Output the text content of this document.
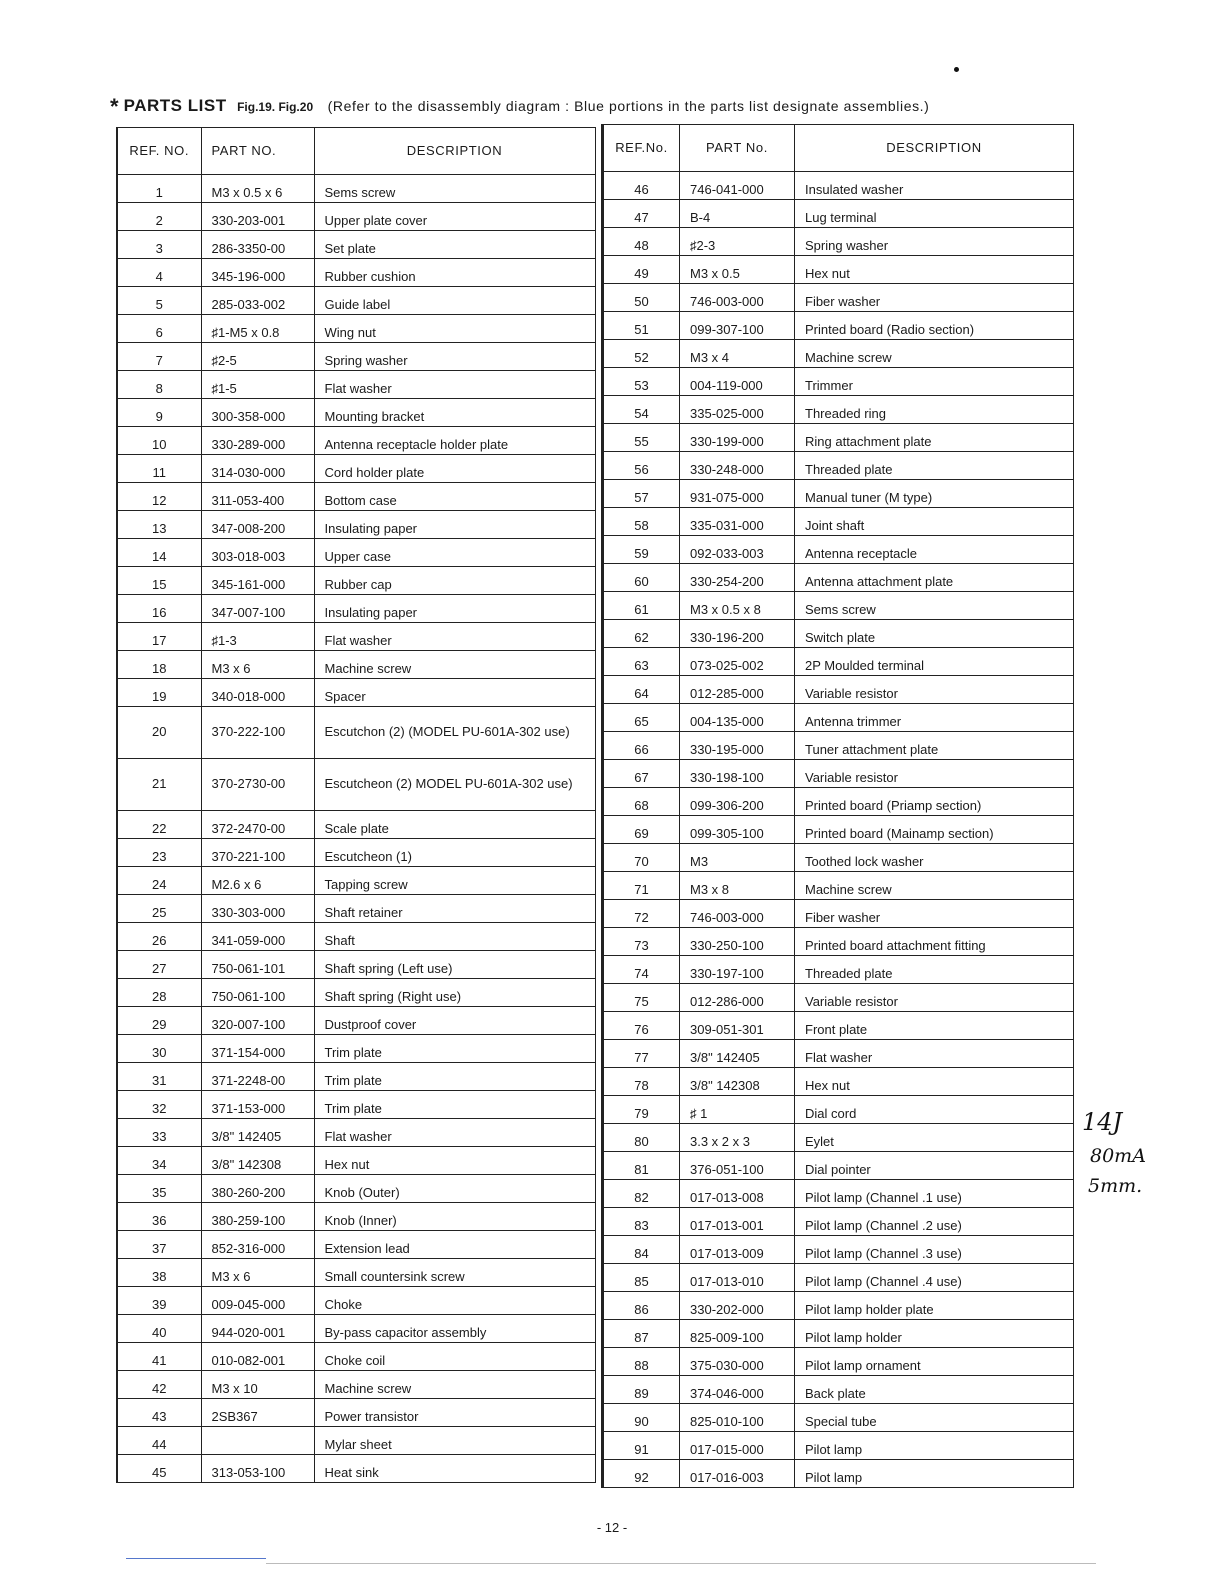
* PARTS LIST Fig.19. Fig.20 (Refer to the disassembly diagram : Blue portions in the parts list designate assemblies.)
REF. NO.	PART NO.	DESCRIPTION
1	M3 x 0.5 x 6	Sems screw
2	330-203-001	Upper plate cover
3	286-3350-00	Set plate
4	345-196-000	Rubber cushion
5	285-033-002	Guide label
6	♯1-M5 x 0.8	Wing nut
7	♯2-5	Spring washer
8	♯1-5	Flat washer
9	300-358-000	Mounting bracket
10	330-289-000	Antenna receptacle holder plate
11	314-030-000	Cord holder plate
12	311-053-400	Bottom case
13	347-008-200	Insulating paper
14	303-018-003	Upper case
15	345-161-000	Rubber cap
16	347-007-100	Insulating paper
17	♯1-3	Flat washer
18	M3 x 6	Machine screw
19	340-018-000	Spacer
20	370-222-100	Escutchon (2) (MODEL PU-601A-302 use)
21	370-2730-00	Escutcheon (2) MODEL PU-601A-302 use)
22	372-2470-00	Scale plate
23	370-221-100	Escutcheon (1)
24	M2.6 x 6	Tapping screw
25	330-303-000	Shaft retainer
26	341-059-000	Shaft
27	750-061-101	Shaft spring (Left use)
28	750-061-100	Shaft spring (Right use)
29	320-007-100	Dustproof cover
30	371-154-000	Trim plate
31	371-2248-00	Trim plate
32	371-153-000	Trim plate
33	3/8" 142405	Flat washer
34	3/8" 142308	Hex nut
35	380-260-200	Knob (Outer)
36	380-259-100	Knob (Inner)
37	852-316-000	Extension lead
38	M3 x 6	Small countersink screw
39	009-045-000	Choke
40	944-020-001	By-pass capacitor assembly
41	010-082-001	Choke coil
42	M3 x 10	Machine screw
43	2SB367	Power transistor
44		Mylar sheet
45	313-053-100	Heat sink
REF.No.	PART No.	DESCRIPTION
46	746-041-000	Insulated washer
47	B-4	Lug terminal
48	♯2-3	Spring washer
49	M3 x 0.5	Hex nut
50	746-003-000	Fiber washer
51	099-307-100	Printed board (Radio section)
52	M3 x 4	Machine screw
53	004-119-000	Trimmer
54	335-025-000	Threaded ring
55	330-199-000	Ring attachment plate
56	330-248-000	Threaded plate
57	931-075-000	Manual tuner (M type)
58	335-031-000	Joint shaft
59	092-033-003	Antenna receptacle
60	330-254-200	Antenna attachment plate
61	M3 x 0.5 x 8	Sems screw
62	330-196-200	Switch plate
63	073-025-002	2P Moulded terminal
64	012-285-000	Variable resistor
65	004-135-000	Antenna trimmer
66	330-195-000	Tuner attachment plate
67	330-198-100	Variable resistor
68	099-306-200	Printed board (Priamp section)
69	099-305-100	Printed board (Mainamp section)
70	M3	Toothed lock washer
71	M3 x 8	Machine screw
72	746-003-000	Fiber washer
73	330-250-100	Printed board attachment fitting
74	330-197-100	Threaded plate
75	012-286-000	Variable resistor
76	309-051-301	Front plate
77	3/8" 142405	Flat washer
78	3/8" 142308	Hex nut
79	♯ 1	Dial cord
80	3.3 x 2 x 3	Eylet
81	376-051-100	Dial pointer
82	017-013-008	Pilot lamp (Channel .1 use)
83	017-013-001	Pilot lamp (Channel .2 use)
84	017-013-009	Pilot lamp (Channel .3 use)
85	017-013-010	Pilot lamp (Channel .4 use)
86	330-202-000	Pilot lamp holder plate
87	825-009-100	Pilot lamp holder
88	375-030-000	Pilot lamp ornament
89	374-046-000	Back plate
90	825-010-100	Special tube
91	017-015-000	Pilot lamp
92	017-016-003	Pilot lamp
14J
80mA
5mm.
- 12 -
